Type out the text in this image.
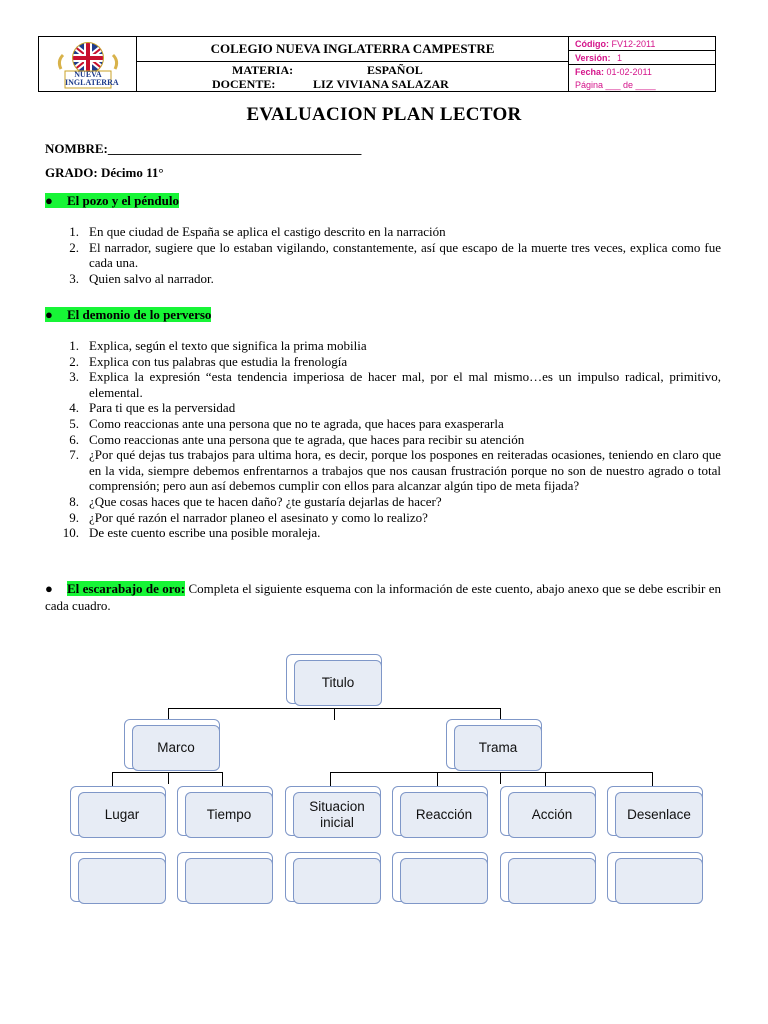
NUEVA
INGLATERRA
COLEGIO NUEVA INGLATERRA CAMPESTRE
MATERIA:	ESPAÑOL
DOCENTE:	LIZ VIVIANA SALAZAR
Código: FV12-2011
Versión: 1
Fecha: 01-02-2011
Página ___ de ____
EVALUACION PLAN LECTOR
NOMBRE:_______________________________________
GRADO: Décimo 11°
● El pozo y el péndulo
1. En que ciudad de España se aplica el castigo descrito en la narración
2. El narrador, sugiere que lo estaban vigilando, constantemente, así que escapo de la muerte tres veces, explica como fue cada una.
3. Quien salvo al narrador.
● El demonio de lo perverso
1. Explica, según el texto que significa la prima mobilia
2. Explica con tus palabras que estudia la frenología
3. Explica la expresión “esta tendencia imperiosa de hacer mal, por el mal mismo…es un impulso radical, primitivo, elemental.
4. Para ti que es la perversidad
5. Como reaccionas ante una persona que no te agrada, que haces para exasperarla
6. Como reaccionas ante una persona que te agrada, que haces para recibir su atención
7. ¿Por qué dejas tus trabajos para ultima hora, es decir, porque los pospones en reiteradas ocasiones, teniendo en claro que en la vida, siempre debemos enfrentarnos a trabajos que nos causan frustración porque no son de nuestro agrado o total comprensión; pero aun así debemos cumplir con ellos para alcanzar algún tipo de meta fijada?
8. ¿Que cosas haces que te hacen daño? ¿te gustaría dejarlas de hacer?
9. ¿Por qué razón el narrador planeo el asesinato y como lo realizo?
10. De este cuento escribe una posible moraleja.
● El escarabajo de oro: Completa el siguiente esquema con la información de este cuento, abajo anexo que se debe escribir en cada cuadro.
Titulo
Marco	Trama
Lugar	Tiempo
Situacion inicial
Reacción	Acción	Desenlace
